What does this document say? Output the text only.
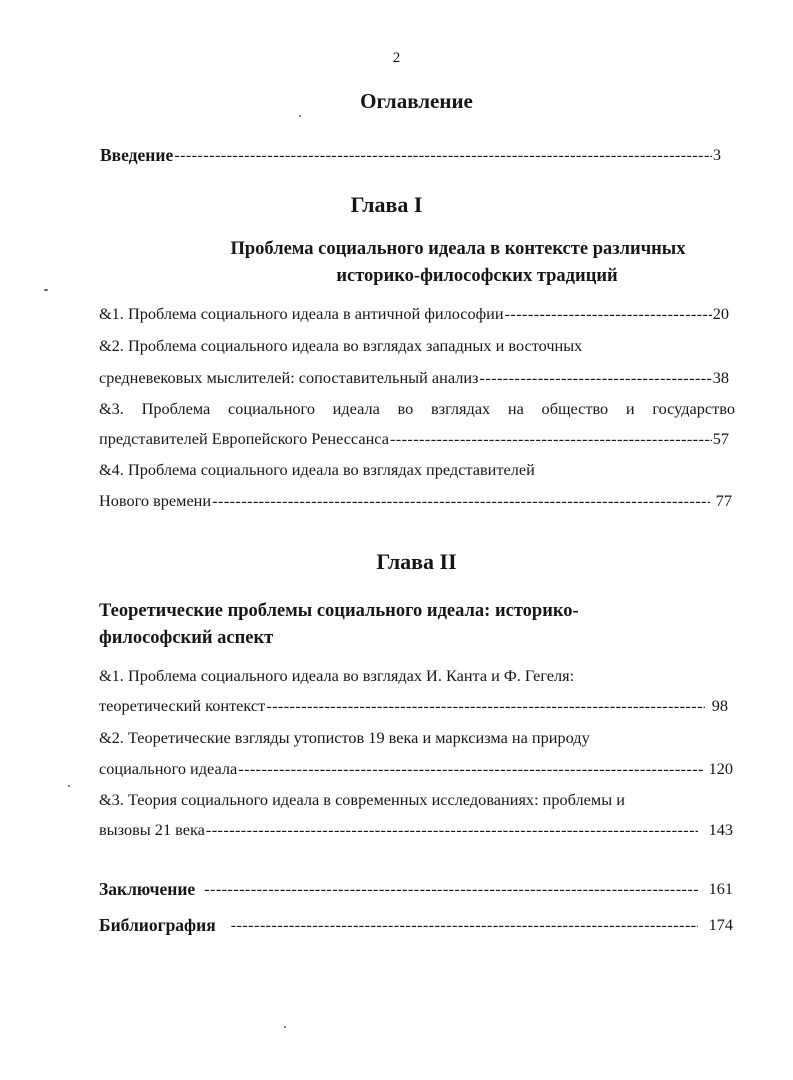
2
Оглавление
Введение -----	3
Глава I
Проблема социального идеала в контексте различных
историко-философских традиций
&1. Проблема социального идеала в античной философии -----	20
&2. Проблема социального идеала во взглядах западных и восточных
средневековых мыслителей: сопоставительный анализ -----	38
&3. Проблема социального идеала во взглядах на общество и государство
представителей Европейского Ренессанса -----	57
&4. Проблема социального идеала во взглядах представителей
Нового времени -----	77
Глава II
Теоретические проблемы социального идеала: историко-
философский аспект
&1. Проблема социального идеала во взглядах И. Канта и Ф. Гегеля:
теоретический контекст -----	98
&2. Теоретические взгляды утопистов 19 века и марксизма на природу
социального идеала -----	120
&3. Теория социального идеала в современных исследованиях: проблемы и
вызовы 21 века -----	143
Заключение -----	161
Библиография -----	174
